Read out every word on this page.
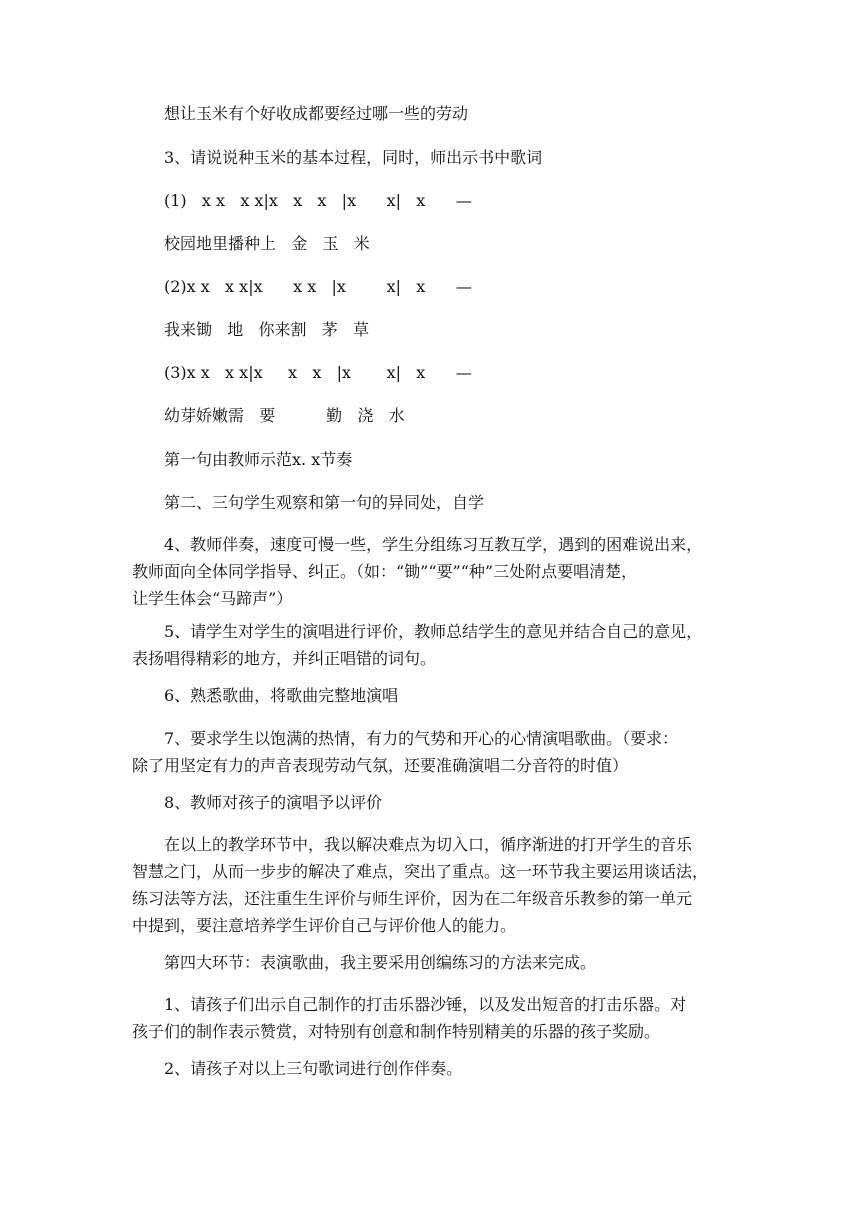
想让玉米有个好收成都要经过哪一些的劳动
3、请说说种玉米的基本过程，同时，师出示书中歌词
(1)   x x   x x|x   x   x   |x      x|   x      —
校园地里播种上   金   玉   米
(2)x x   x x|x      x x   |x        x|   x      —
我来锄   地   你来割   茅   草
(3)x x   x x|x     x   x   |x       x|   x      —
幼芽娇嫩需   要          勤   浇   水
第一句由教师示范x. x节奏
第二、三句学生观察和第一句的异同处，自学
4、教师伴奏，速度可慢一些，学生分组练习互教互学，遇到的困难说出来，
教师面向全体同学指导、纠正。（如：“锄”“要”“种”三处附点要唱清楚，
让学生体会“马蹄声”）
5、请学生对学生的演唱进行评价，教师总结学生的意见并结合自己的意见，
表扬唱得精彩的地方，并纠正唱错的词句。
6、熟悉歌曲，将歌曲完整地演唱
7、要求学生以饱满的热情，有力的气势和开心的心情演唱歌曲。（要求：
除了用坚定有力的声音表现劳动气氛，还要准确演唱二分音符的时值）
8、教师对孩子的演唱予以评价
在以上的教学环节中，我以解决难点为切入口，循序渐进的打开学生的音乐
智慧之门，从而一步步的解决了难点，突出了重点。这一环节我主要运用谈话法，
练习法等方法，还注重生生评价与师生评价，因为在二年级音乐教参的第一单元
中提到，要注意培养学生评价自己与评价他人的能力。
第四大环节：表演歌曲，我主要采用创编练习的方法来完成。
1、请孩子们出示自己制作的打击乐器沙锤，以及发出短音的打击乐器。对
孩子们的制作表示赞赏，对特别有创意和制作特别精美的乐器的孩子奖励。
2、请孩子对以上三句歌词进行创作伴奏。
